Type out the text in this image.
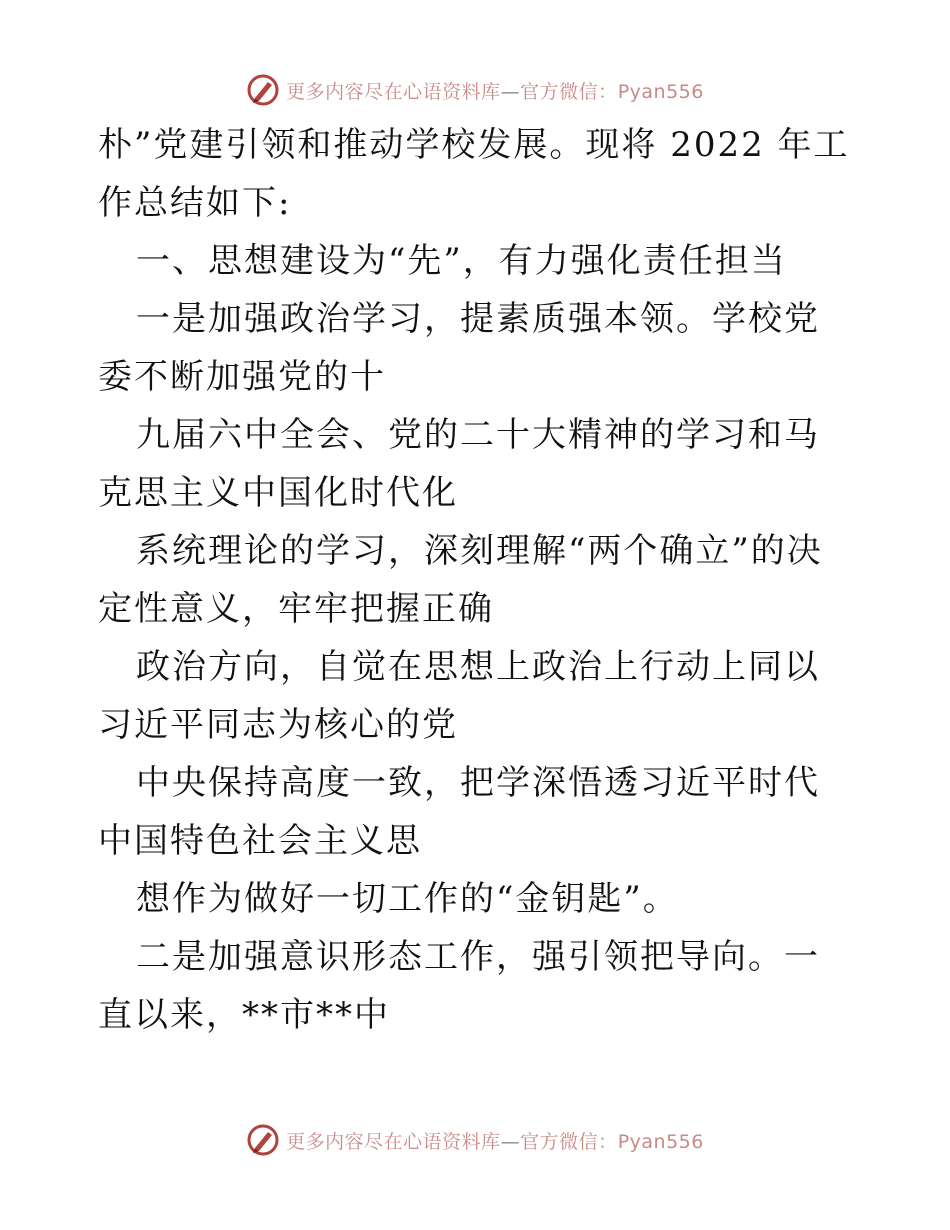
更多内容尽在心语资料库—官方微信：Pyan556

朴”党建引领和推动学校发展。现将 2022 年工作总结如下:

一、思想建设为“先”，有力强化责任担当

一是加强政治学习，提素质强本领。学校党委不断加强党的十

九届六中全会、党的二十大精神的学习和马克思主义中国化时代化

系统理论的学习，深刻理解“两个确立”的决定性意义，牢牢把握正确

政治方向，自觉在思想上政治上行动上同以习近平同志为核心的党

中央保持高度一致，把学深悟透习近平时代中国特色社会主义思

想作为做好一切工作的“金钥匙”。

二是加强意识形态工作，强引领把导向。一直以来，**市**中

更多内容尽在心语资料库—官方微信：Pyan556
